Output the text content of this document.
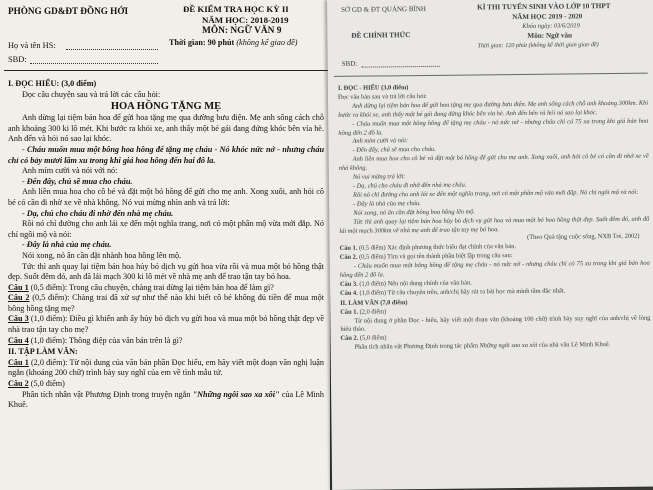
PHÒNG GD&ĐT ĐỒNG HỚI	ĐỀ KIỂM TRA HỌC KỲ II
NĂM HỌC: 2018-2019
MÔN: NGỮ VĂN 9
Thời gian: 90 phút (không kể giao đề)
Họ và tên HS:
SBD:
I. ĐỌC HIỂU: (3,0 điểm)

Đọc câu chuyện sau và trả lời các câu hỏi:

HOA HỒNG TẶNG MẸ

Anh dừng lại tiệm bán hoa để gửi hoa tặng mẹ qua đường bưu điện. Mẹ anh sống cách chỗ anh khoảng 300 ki lô mét. Khi bước ra khỏi xe, anh thấy một bé gái đang đứng khóc bên vỉa hè. Anh đến và hỏi nó sao lại khóc.

- Cháu muốn mua một bông hoa hồng để tặng mẹ cháu - Nó khóc nức nở - nhưng cháu chỉ có bảy mươi lăm xu trong khi giá hoa hồng đến hai đô la.

Anh mỉm cười và nói với nó:

- Đến đây, chú sẽ mua cho cháu.

Anh liền mua hoa cho cô bé và đặt một bó hồng để gửi cho mẹ anh. Xong xuôi, anh hỏi cô bé có cần đi nhờ xe về nhà không. Nó vui mừng nhìn anh và trả lời:

- Dạ, chú cho cháu đi nhờ đến nhà mẹ cháu.

Rồi nó chỉ đường cho anh lái xe đến một nghĩa trang, nơi có một phần mộ vừa mới đắp. Nó chỉ ngôi mộ và nói:

- Đây là nhà của mẹ cháu.

Nói xong, nó ân cần đặt nhành hoa hồng lên mộ.

Tức thì anh quay lại tiệm bán hoa hủy bỏ dịch vụ gửi hoa vừa rồi và mua một bó hồng thật đẹp. Suốt đêm đó, anh đã lái mạch 300 ki lô mét về nhà mẹ anh để trao tận tay bó hoa.

Câu 1 (0,5 điểm): Trong câu chuyện, chàng trai dừng lại tiệm bán hoa để làm gì?

Câu 2 (0,5 điểm): Chàng trai đã xử sự như thế nào khi biết cô bé không đủ tiền để mua một bông hồng tặng mẹ?

Câu 3 (1,0 điểm): Điều gì khiến anh ấy hủy bỏ dịch vụ gửi hoa và mua một bó hồng thật đẹp về nhà trao tận tay cho mẹ?

Câu 4 (1,0 điểm): Thông điệp của văn bản trên là gì?

II. TẬP LÀM VĂN:

Câu 1 (2,0 điểm): Từ nội dung của văn bản phần Đọc hiểu, em hãy viết một đoạn văn nghị luận ngắn (khoảng 200 chữ) trình bày suy nghĩ của em về tình mẫu tử.

Câu 2 (5,0 điểm)

Phân tích nhân vật Phương Định trong truyện ngắn "Những ngôi sao xa xôi" của Lê Minh Khuê.

SỞ GD & ĐT QUẢNG BÌNH
ĐỀ CHÍNH THỨC
KÌ THI TUYỂN SINH VÀO LỚP 10 THPT
NĂM HỌC 2019 - 2020
Khóa ngày: 03/6/2019
Môn: Ngữ văn
Thời gian: 120 phút (không kể thời gian giao đề)
SBD:
I. ĐỌC - HIỂU (3,0 điểm)

Đọc văn bản sau và trả lời câu hỏi:

Anh dừng lại tiệm bán hoa để gửi hoa tặng mẹ qua đường bưu điện. Mẹ anh sống cách chỗ anh khoảng 300km. Khi bước ra khỏi xe, anh thấy một bé gái đang đứng khóc bên vỉa hè. Anh đến bên và hỏi nó sao lại khóc.

- Cháu muốn mua một bông hồng để tặng mẹ cháu - nó nức nở - nhưng cháu chỉ có 75 xu trong khi giá bán hoa hồng đến 2 đô la.

Anh mỉm cười và nói:

- Đến đây, chú sẽ mua cho cháu.

Anh liền mua hoa cho cô bé và đặt một bó hồng để gửi cho mẹ anh. Xong xuôi, anh hỏi cô bé có cần đi nhờ xe về nhà không.

Nó vui mừng trả lời:

- Dạ, chú cho cháu đi nhờ đến nhà mẹ cháu.

Rồi nó chỉ đường cho anh lái xe đến một nghĩa trang, nơi có một phần mộ vừa mới đắp. Nó chỉ ngôi mộ và nói:

- Đây là nhà của mẹ cháu.

Nói xong, nó ân cần đặt bông hoa hồng lên mộ.

Tức thì anh quay lại tiệm bán hoa hủy bỏ dịch vụ gửi hoa và mua một bó hoa hồng thật đẹp. Suốt đêm đó, anh đã lái một mạch 300km về nhà mẹ anh để trao tận tay mẹ bó hoa.

(Theo Quà tặng cuộc sống, NXB Trẻ, 2002)

Câu 1. (0,5 điểm) Xác định phương thức biểu đạt chính của văn bản.

Câu 2. (0,5 điểm) Tìm và gọi tên thành phần biệt lập trong câu sau:

- Cháu muốn mua một bông hồng để tặng mẹ cháu - nó nức nở - nhưng cháu chỉ có 75 xu trong khi giá bán hoa hồng đến 2 đô la.

Câu 3. (1,0 điểm) Nêu nội dung chính của văn bản.

Câu 4. (1,0 điểm) Từ câu chuyện trên, anh/chị hãy rút ra bài học mà mình tâm đắc nhất.

II. LÀM VĂN (7,0 điểm)

Câu 1. (2,0 điểm)

Từ nội dung ở phần Đọc - hiểu, hãy viết một đoạn văn (khoảng 100 chữ) trình bày suy nghĩ của anh/chị về lòng hiếu thảo.

Câu 2. (5,0 điểm)

Phân tích nhân vật Phương Định trong tác phẩm Những ngôi sao xa xôi của nhà văn Lê Minh Khuê.
